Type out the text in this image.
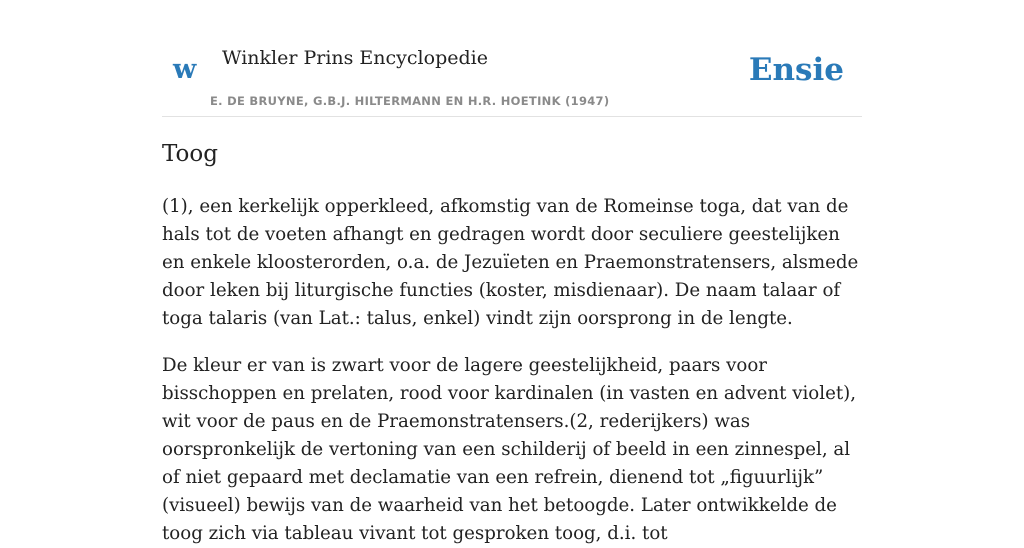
w Winkler Prins Encyclopedie
E. DE BRUYNE, G.B.J. HILTERMANN EN H.R. HOETINK (1947)
Ensie
Toog

(1), een kerkelijk opperkleed, afkomstig van de Romeinse toga, dat van de hals tot de voeten afhangt en gedragen wordt door seculiere geestelijken en enkele kloosterorden, o.a. de Jezuïeten en Praemonstratensers, alsmede door leken bij liturgische functies (koster, misdienaar). De naam talaar of toga talaris (van Lat.: talus, enkel) vindt zijn oorsprong in de lengte.

De kleur er van is zwart voor de lagere geestelijkheid, paars voor bisschoppen en prelaten, rood voor kardinalen (in vasten en advent violet), wit voor de paus en de Praemonstratensers.(2, rederijkers) was oorspronkelijk de vertoning van een schilderij of beeld in een zinnespel, al of niet gepaard met declamatie van een refrein, dienend tot „figuurlijk” (visueel) bewijs van de waarheid van het betoogde. Later ontwikkelde de toog zich via tableau vivant tot gesproken toog, d.i. tot
